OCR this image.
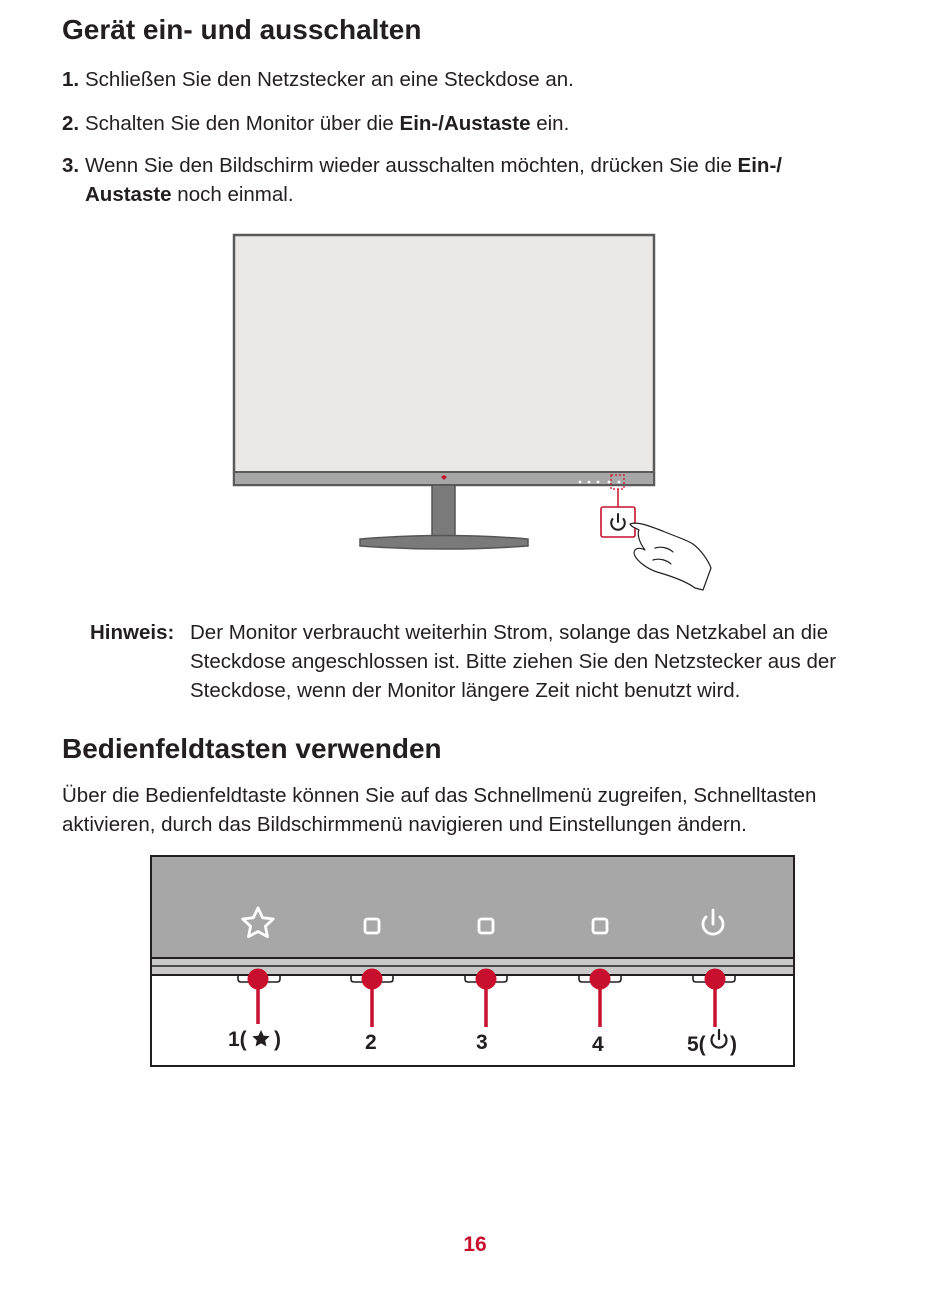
Gerät ein- und ausschalten
1. Schließen Sie den Netzstecker an eine Steckdose an.
2. Schalten Sie den Monitor über die Ein-/Austaste ein.
3. Wenn Sie den Bildschirm wieder ausschalten möchten, drücken Sie die Ein-/
Austaste noch einmal.
Hinweis: Der Monitor verbraucht weiterhin Strom, solange das Netzkabel an die
Steckdose angeschlossen ist. Bitte ziehen Sie den Netzstecker aus der
Steckdose, wenn der Monitor längere Zeit nicht benutzt wird.
Bedienfeldtasten verwenden
Über die Bedienfeldtaste können Sie auf das Schnellmenü zugreifen, Schnelltasten
aktivieren, durch das Bildschirmmenü navigieren und Einstellungen ändern.
1( )	2	3	4	5( )
16
